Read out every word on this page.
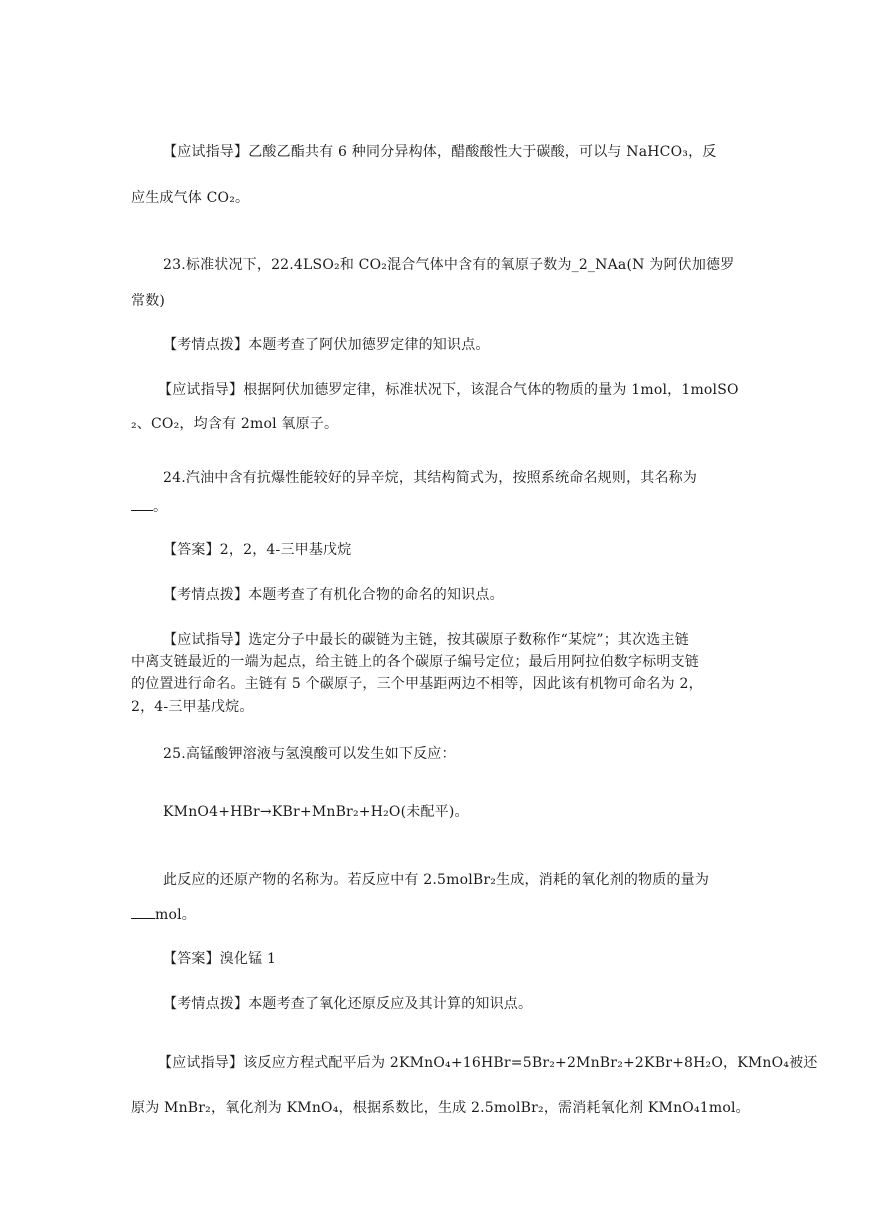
【应试指导】乙酸乙酯共有 6 种同分异构体，醋酸酸性大于碳酸，可以与 NaHCO₃，反
应生成气体 CO₂。
23.标准状况下，22.4LSO₂和 CO₂混合气体中含有的氧原子数为_2_NAa(N 为阿伏加德罗
常数)
【考情点拨】本题考查了阿伏加德罗定律的知识点。
【应试指导】根据阿伏加德罗定律，标准状况下，该混合气体的物质的量为 1mol，1molSO
₂、CO₂，均含有 2mol 氧原子。
24.汽油中含有抗爆性能较好的异辛烷，其结构简式为，按照系统命名规则，其名称为
。
【答案】2，2，4-三甲基戊烷
【考情点拨】本题考查了有机化合物的命名的知识点。
【应试指导】选定分子中最长的碳链为主链，按其碳原子数称作“某烷”；其次选主链
中离支链最近的一端为起点，给主链上的各个碳原子编号定位；最后用阿拉伯数字标明支链
的位置进行命名。主链有 5 个碳原子，三个甲基距两边不相等，因此该有机物可命名为 2，
2，4-三甲基戊烷。
25.高锰酸钾溶液与氢溴酸可以发生如下反应：
KMnO4+HBr→KBr+MnBr₂+H₂O(未配平)。
此反应的还原产物的名称为。若反应中有 2.5molBr₂生成，消耗的氧化剂的物质的量为
mol。
【答案】溴化锰 1
【考情点拨】本题考查了氧化还原反应及其计算的知识点。
【应试指导】该反应方程式配平后为 2KMnO₄+16HBr=5Br₂+2MnBr₂+2KBr+8H₂O，KMnO₄被还
原为 MnBr₂，氧化剂为 KMnO₄，根据系数比，生成 2.5molBr₂，需消耗氧化剂 KMnO₄1mol。
